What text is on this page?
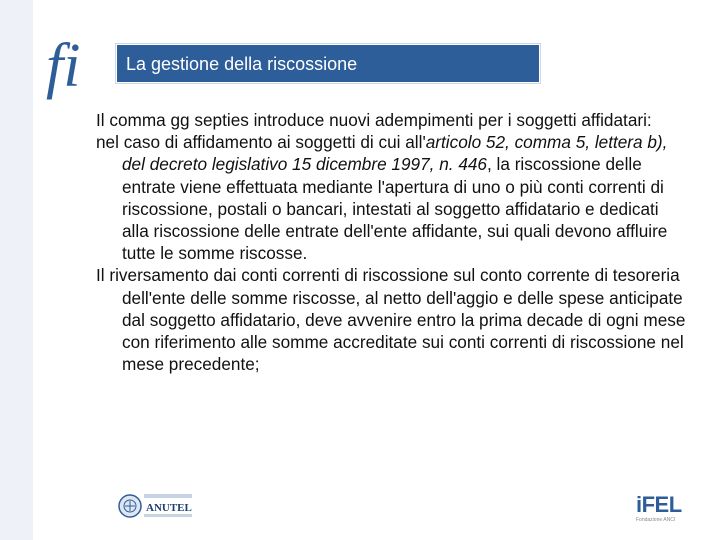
fi	La gestione della riscossione

Il comma gg septies introduce nuovi adempimenti per i soggetti affidatari:

nel caso di affidamento ai soggetti di cui all'articolo 52, comma 5, lettera b), del decreto legislativo 15 dicembre 1997, n. 446, la riscossione delle entrate viene effettuata mediante l'apertura di uno o più conti correnti di riscossione, postali o bancari, intestati al soggetto affidatario e dedicati alla riscossione delle entrate dell'ente affidante, sui quali devono affluire tutte le somme riscosse.

Il riversamento dai conti correnti di riscossione sul conto corrente di tesoreria dell'ente delle somme riscosse, al netto dell'aggio e delle spese anticipate dal soggetto affidatario, deve avvenire entro la prima decade di ogni mese con riferimento alle somme accreditate sui conti correnti di riscossione nel mese precedente;

ANUTEL	iFEL
Fondazione ANCI
